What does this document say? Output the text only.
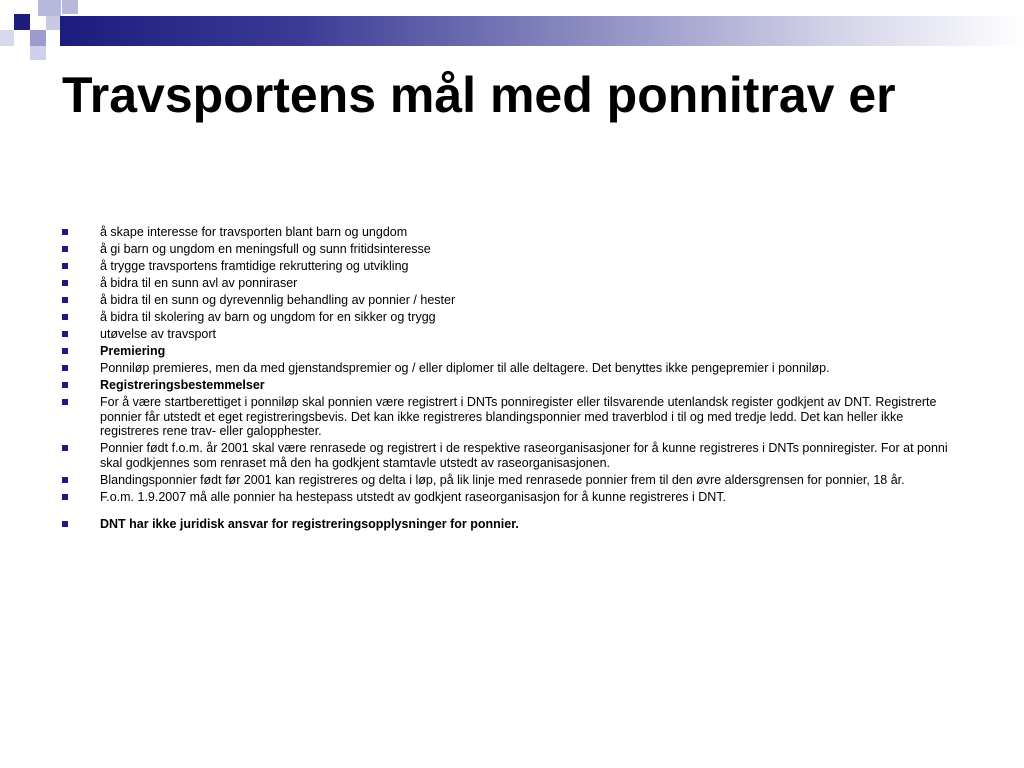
Travsportens mål med ponnitrav er
å skape interesse for travsporten blant barn og ungdom
å gi barn og ungdom en meningsfull og sunn fritidsinteresse
å trygge travsportens framtidige rekruttering og utvikling
å bidra til en sunn avl av ponniraser
å bidra til en sunn og dyrevennlig behandling av ponnier / hester
å bidra til skolering av barn og ungdom for en sikker og trygg
utøvelse av travsport
Premiering
Ponniløp premieres, men da med gjenstandspremier og / eller diplomer til alle deltagere. Det benyttes ikke pengepremier i ponniløp.
Registreringsbestemmelser
For å være startberettiget i ponniløp skal ponnien være registrert i DNTs ponniregister eller tilsvarende utenlandsk register godkjent av DNT. Registrerte ponnier får utstedt et eget registreringsbevis. Det kan ikke registreres blandingsponnier med traverblod i til og med tredje ledd. Det kan heller ikke registreres rene trav- eller galopphester.
Ponnier født f.o.m. år 2001 skal være renrasede og registrert i de respektive raseorganisasjoner for å kunne registreres i DNTs ponniregister. For at ponni skal godkjennes som renraset må den ha godkjent stamtavle utstedt av raseorganisasjonen.
Blandingsponnier født før 2001 kan registreres og delta i løp, på lik linje med renrasede ponnier frem til den øvre aldersgrensen for ponnier, 18 år.
F.o.m. 1.9.2007 må alle ponnier ha hestepass utstedt av godkjent raseorganisasjon for å kunne registreres i DNT.
DNT har ikke juridisk ansvar for registreringsopplysninger for ponnier.
